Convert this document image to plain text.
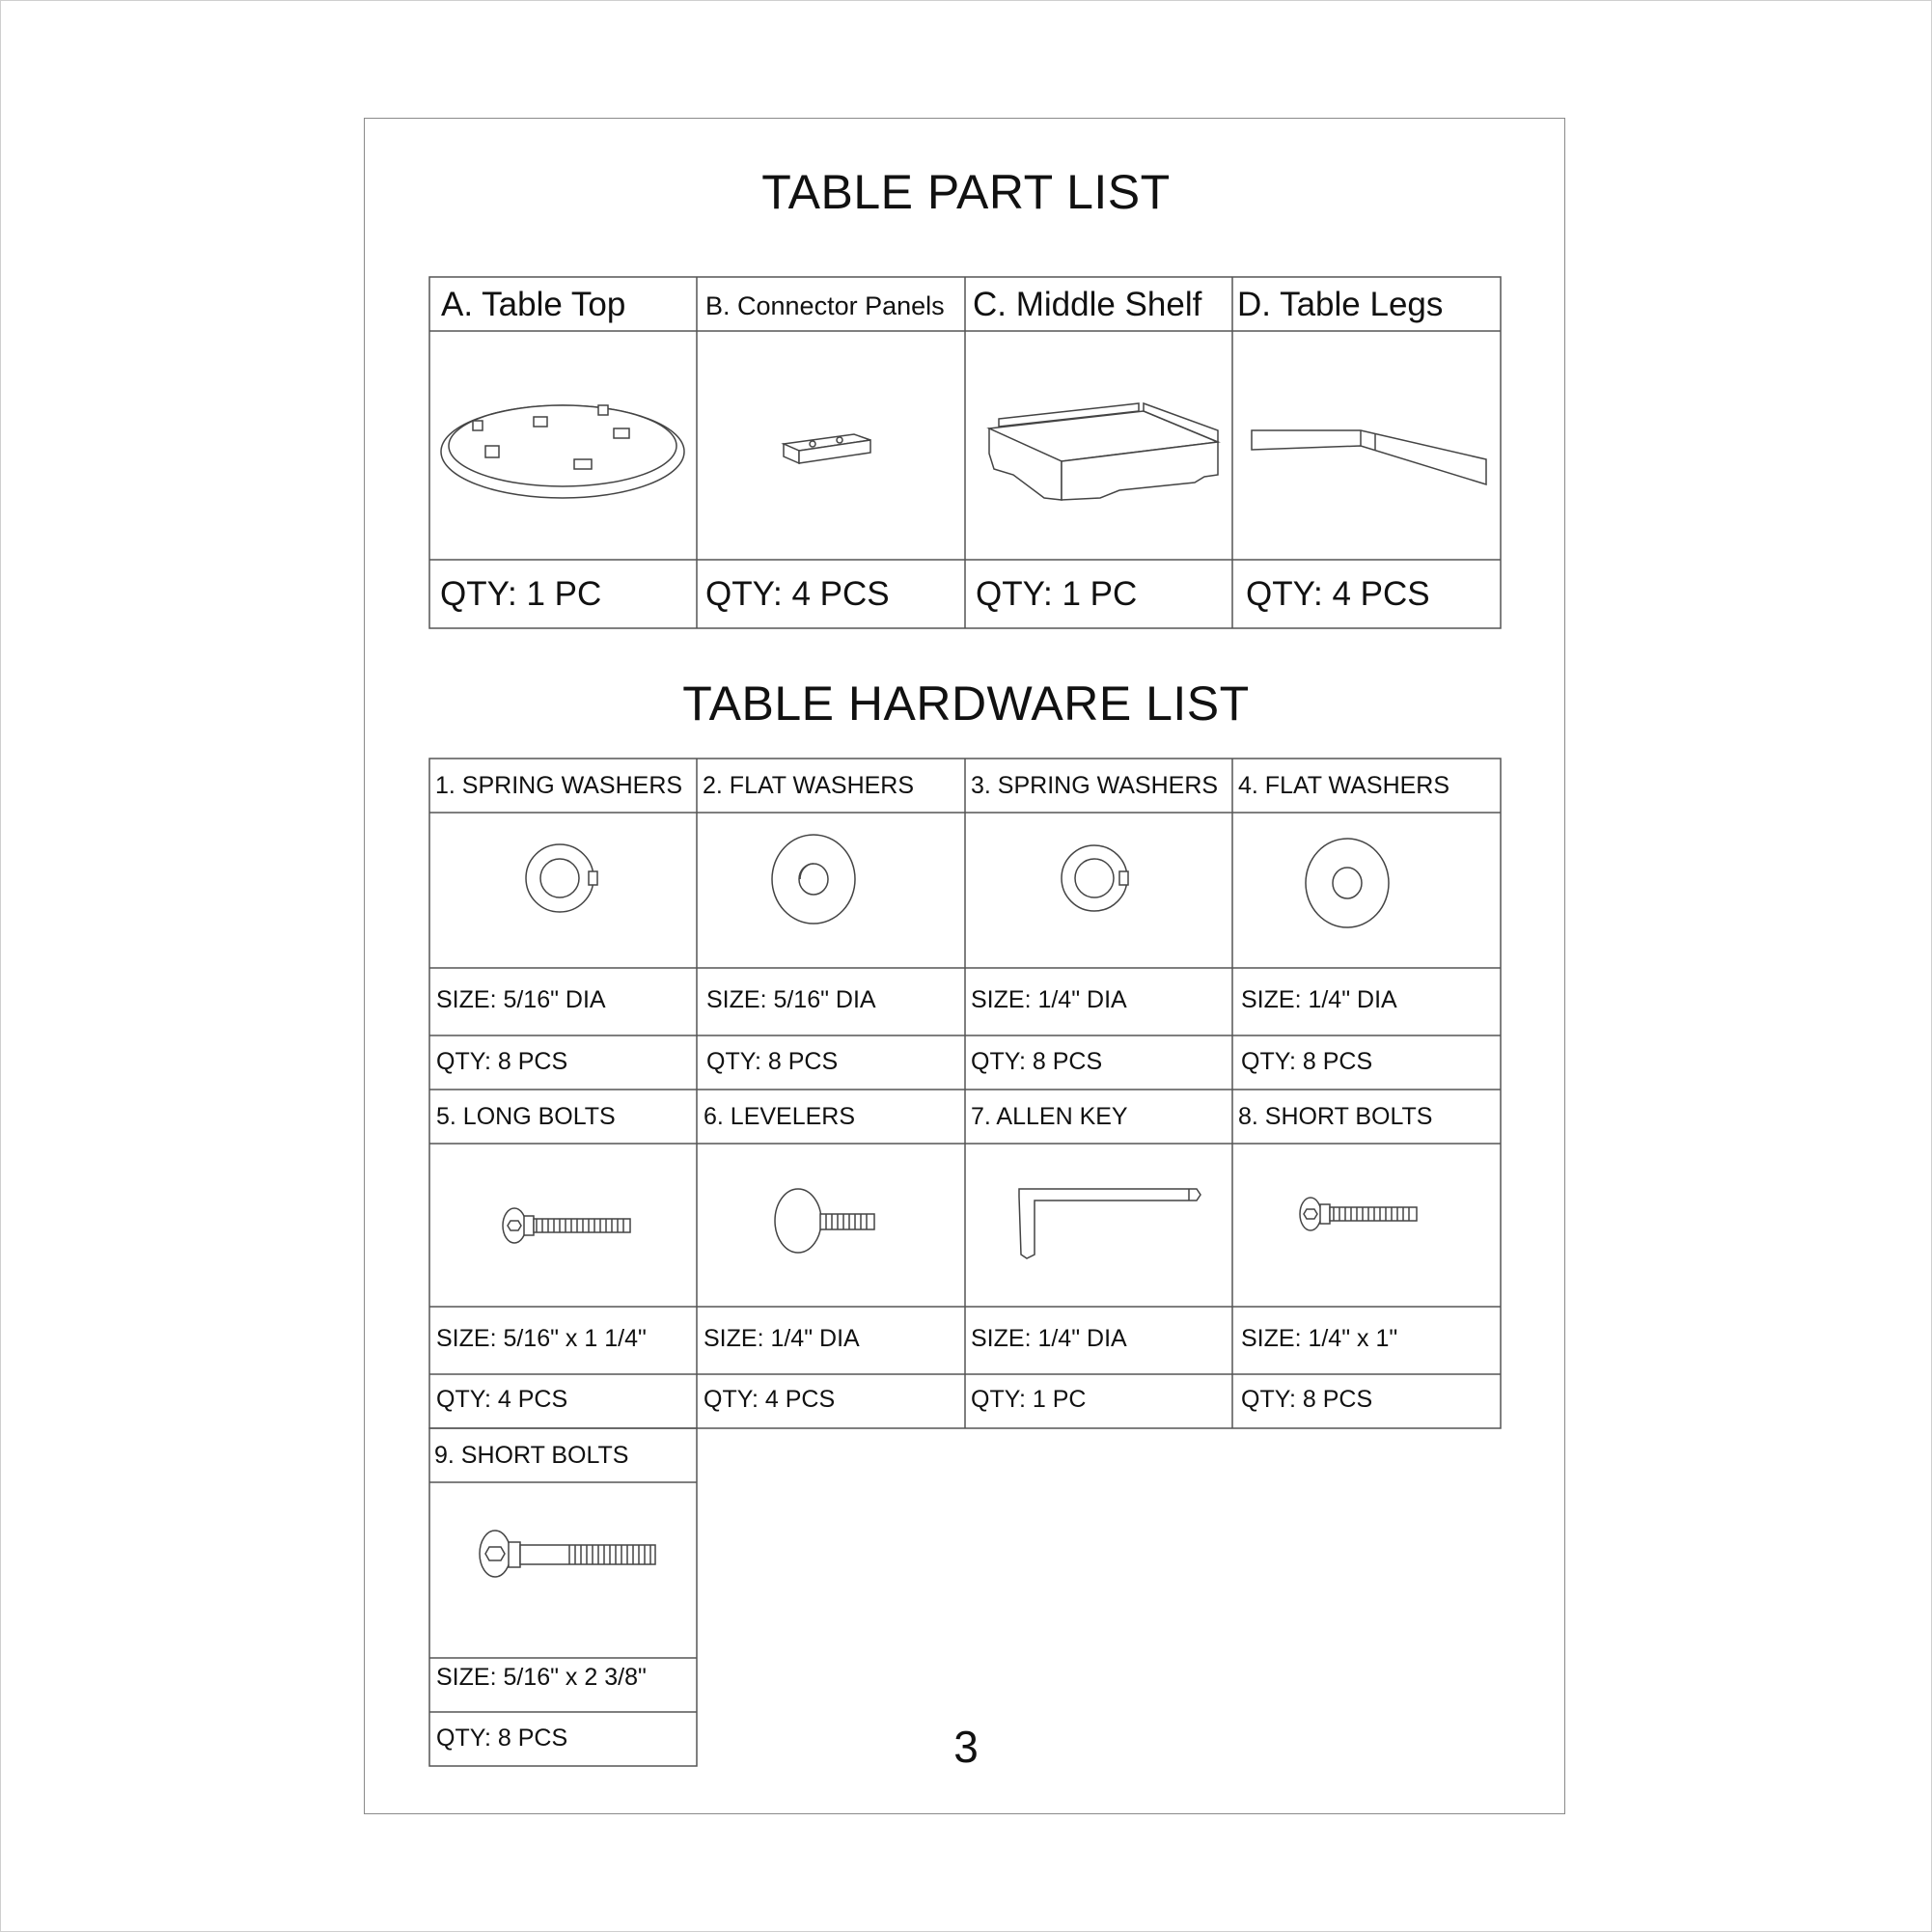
TABLE PART LIST
A. Table Top	B. Connector Panels C. Middle Shelf D. Table Legs
QTY: 1 PC	QTY: 4 PCS	QTY: 1 PC	QTY: 4 PCS
TABLE HARDWARE LIST
1. SPRING WASHERS 2. FLAT WASHERS 3. SPRING WASHERS 4. FLAT WASHERS
SIZE: 5/16" DIA	SIZE: 5/16" DIA	SIZE: 1/4" DIA	SIZE: 1/4" DIA
QTY: 8 PCS	QTY: 8 PCS	QTY: 8 PCS	QTY: 8 PCS
5. LONG BOLTS	6. LEVELERS	7. ALLEN KEY	8. SHORT BOLTS
SIZE: 5/16" x 1 1/4" SIZE: 1/4" DIA	SIZE: 1/4" DIA	SIZE: 1/4" x 1"
QTY: 4 PCS	QTY: 4 PCS	QTY: 1 PC	QTY: 8 PCS
9. SHORT BOLTS
SIZE: 5/16" x 2 3/8"
QTY: 8 PCS	3
